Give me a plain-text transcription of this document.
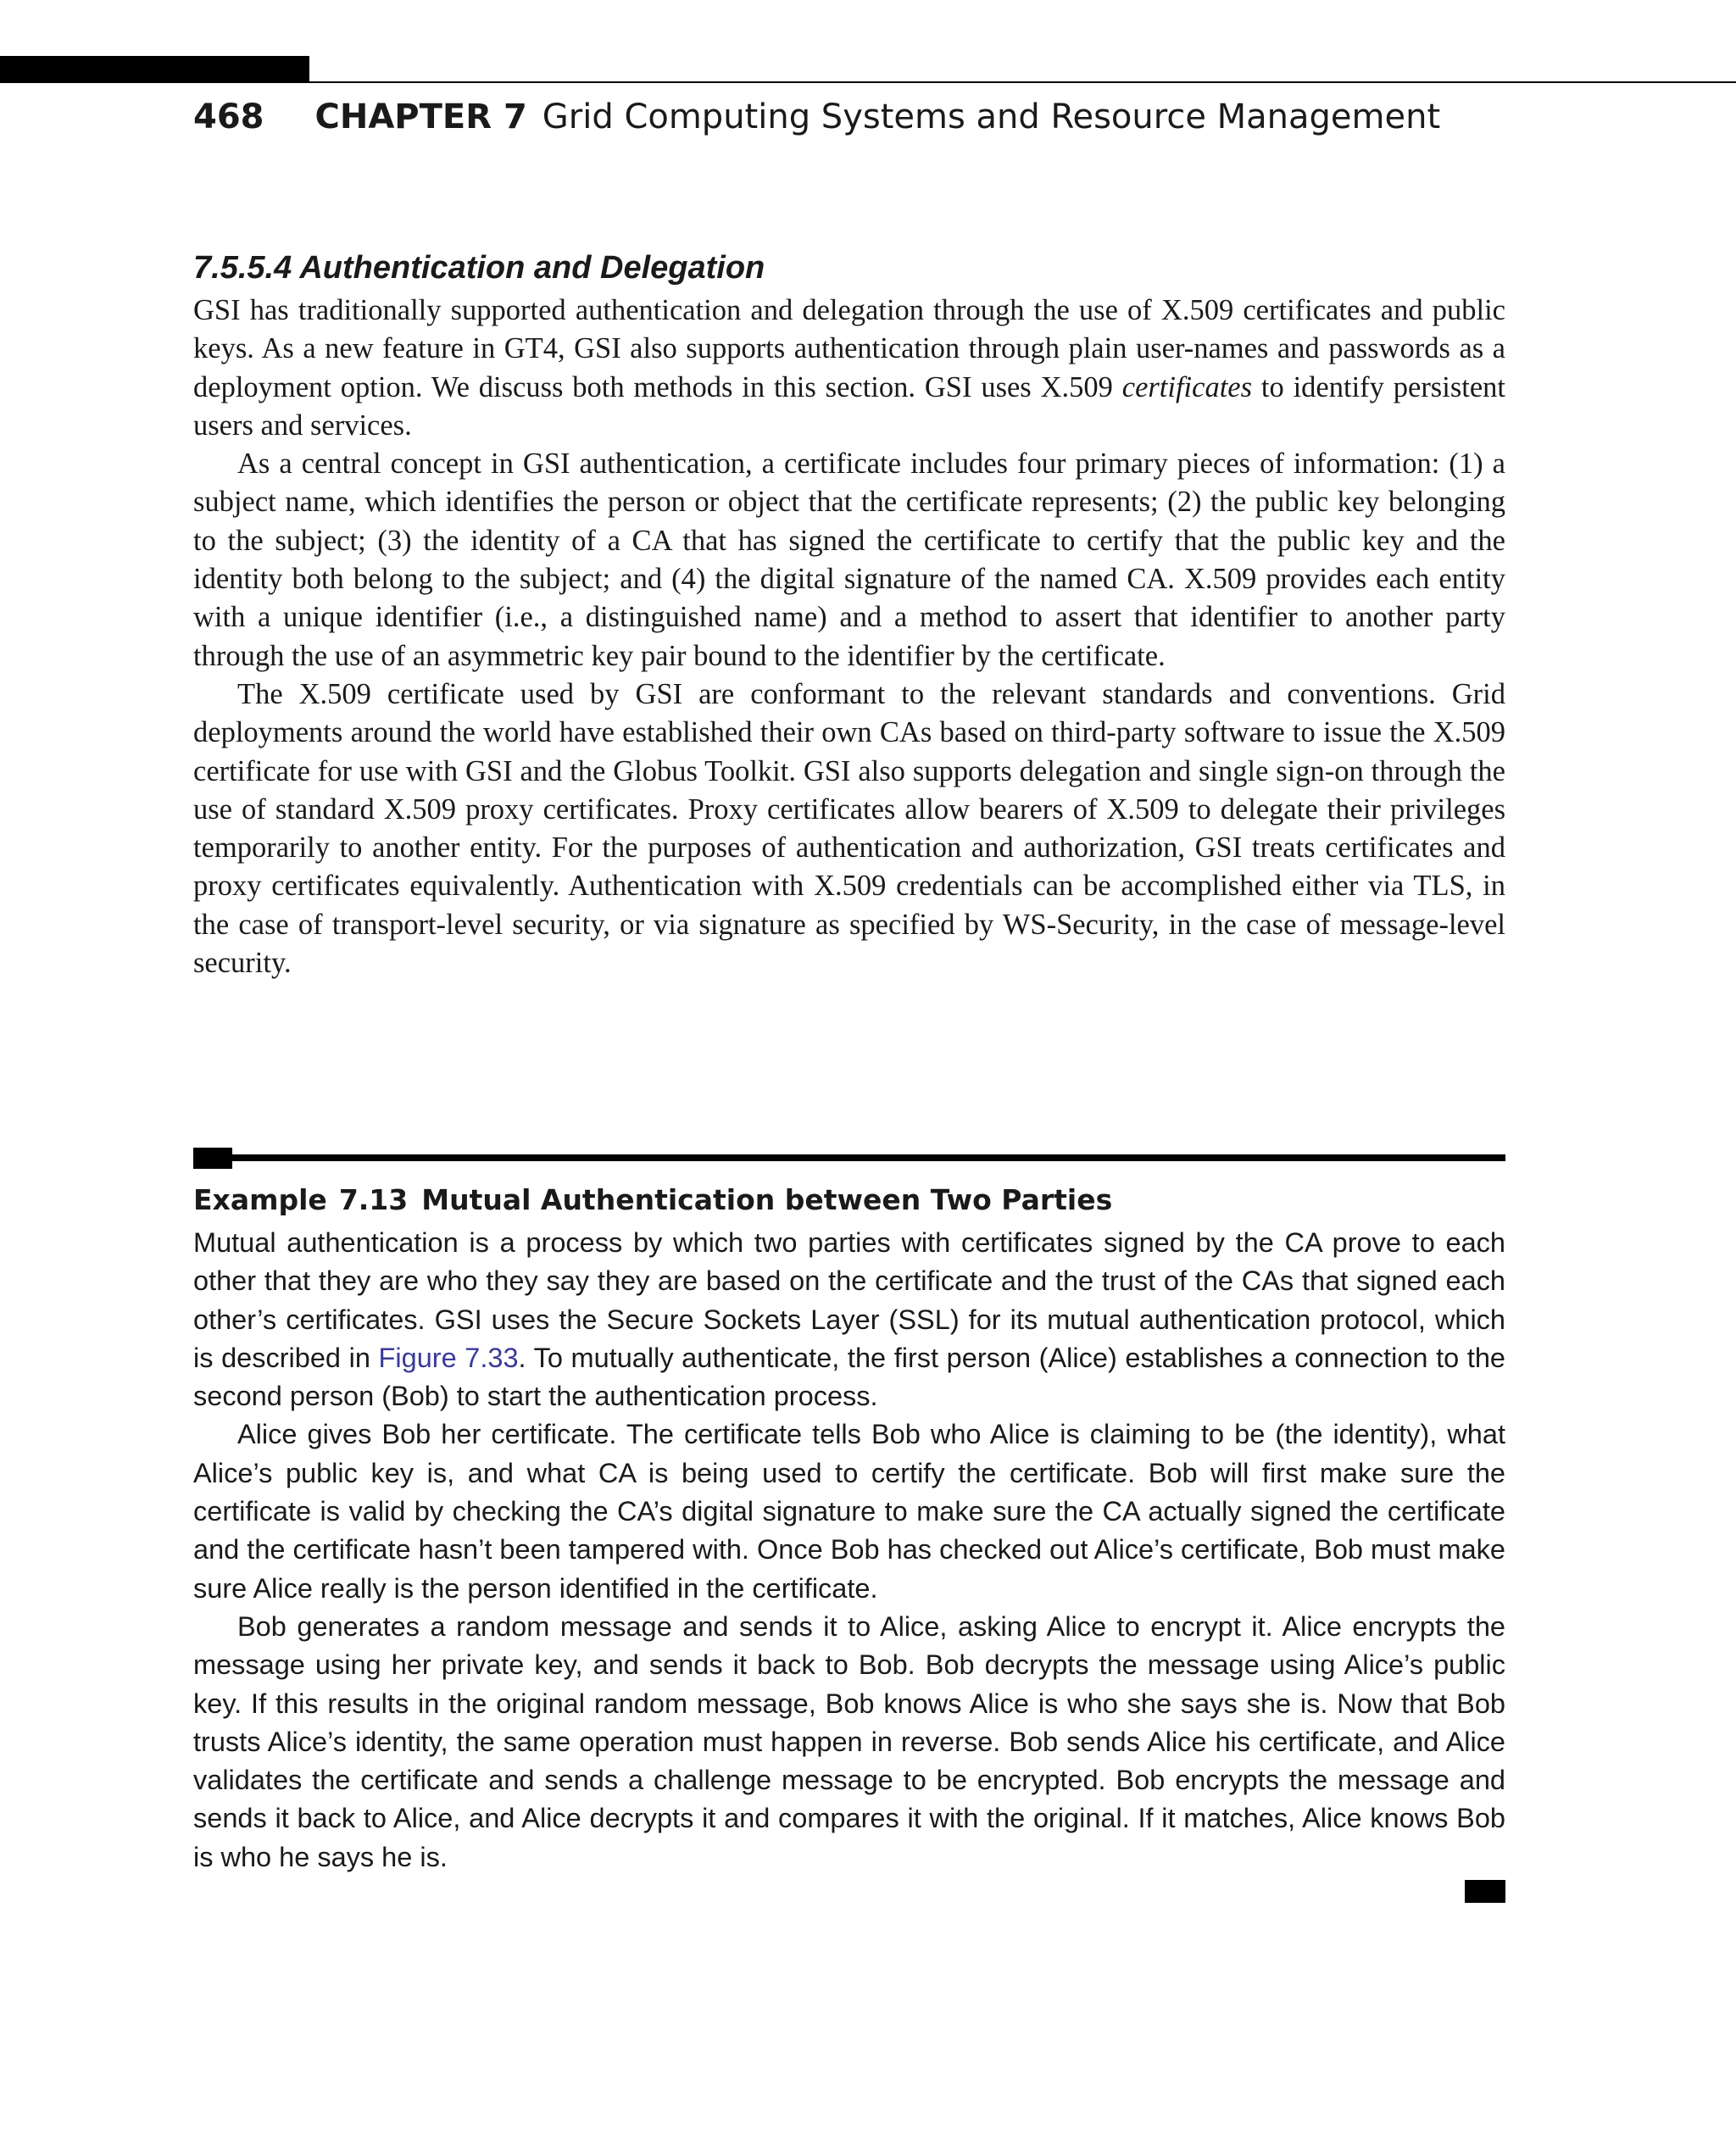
468 CHAPTER 7 Grid Computing Systems and Resource Management
7.5.5.4 Authentication and Delegation

GSI has traditionally supported authentication and delegation through the use of X.509 certificates and public keys. As a new feature in GT4, GSI also supports authentication through plain user-names and passwords as a deployment option. We discuss both methods in this section. GSI uses X.509 certificates to identify persistent users and services.

As a central concept in GSI authentication, a certificate includes four primary pieces of information: (1) a subject name, which identifies the person or object that the certificate represents; (2) the public key belonging to the subject; (3) the identity of a CA that has signed the certificate to certify that the public key and the identity both belong to the subject; and (4) the digital signature of the named CA. X.509 provides each entity with a unique identifier (i.e., a distinguished name) and a method to assert that identifier to another party through the use of an asymmetric key pair bound to the identifier by the certificate.

The X.509 certificate used by GSI are conformant to the relevant standards and conventions. Grid deployments around the world have established their own CAs based on third-party software to issue the X.509 certificate for use with GSI and the Globus Toolkit. GSI also supports delegation and single sign-on through the use of standard X.509 proxy certificates. Proxy certificates allow bearers of X.509 to delegate their privileges temporarily to another entity. For the purposes of authentication and authorization, GSI treats certificates and proxy certificates equivalently. Authentication with X.509 credentials can be accomplished either via TLS, in the case of transport-level security, or via signature as specified by WS-Security, in the case of message-level security.

Example 7.13 Mutual Authentication between Two Parties

Mutual authentication is a process by which two parties with certificates signed by the CA prove to each other that they are who they say they are based on the certificate and the trust of the CAs that signed each other’s certificates. GSI uses the Secure Sockets Layer (SSL) for its mutual authentication protocol, which is described in Figure 7.33. To mutually authenticate, the first person (Alice) establishes a connection to the second person (Bob) to start the authentication process.

Alice gives Bob her certificate. The certificate tells Bob who Alice is claiming to be (the identity), what Alice’s public key is, and what CA is being used to certify the certificate. Bob will first make sure the certificate is valid by checking the CA’s digital signature to make sure the CA actually signed the certificate and the certificate hasn’t been tampered with. Once Bob has checked out Alice’s certificate, Bob must make sure Alice really is the person identified in the certificate.

Bob generates a random message and sends it to Alice, asking Alice to encrypt it. Alice encrypts the message using her private key, and sends it back to Bob. Bob decrypts the message using Alice’s public key. If this results in the original random message, Bob knows Alice is who she says she is. Now that Bob trusts Alice’s identity, the same operation must happen in reverse. Bob sends Alice his certificate, and Alice validates the certificate and sends a challenge message to be encrypted. Bob encrypts the message and sends it back to Alice, and Alice decrypts it and compares it with the original. If it matches, Alice knows Bob is who he says he is.
